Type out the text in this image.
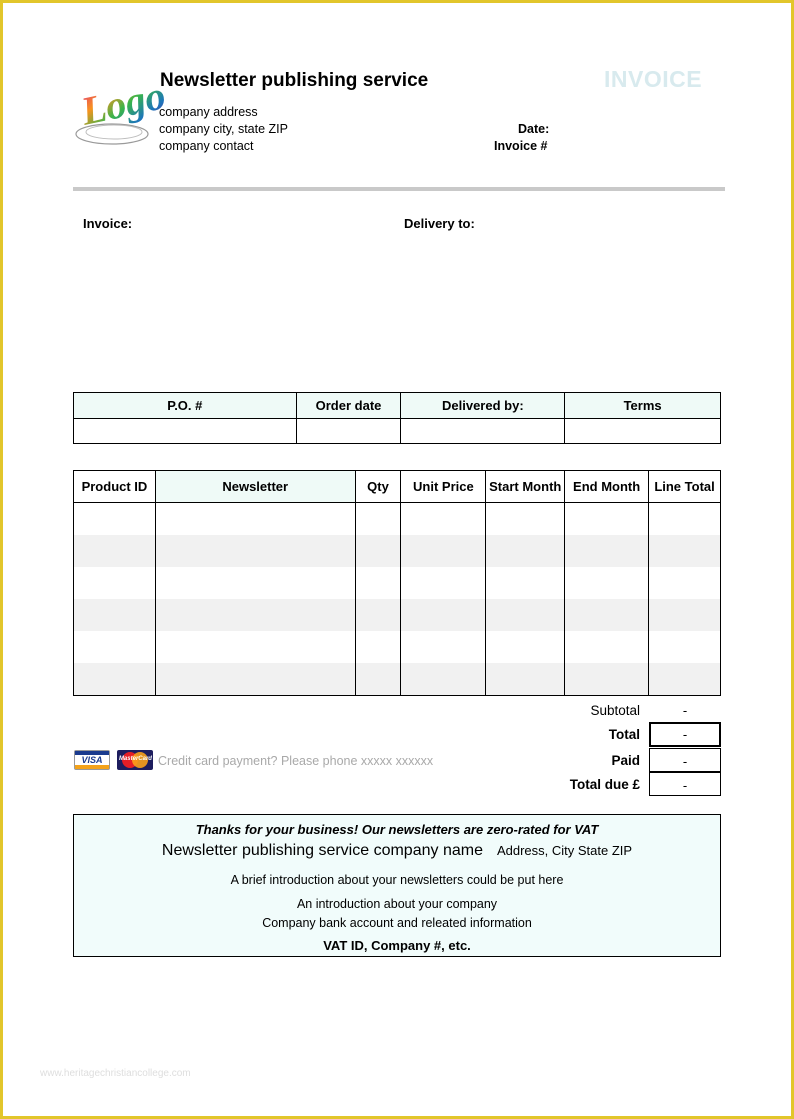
Logo
Newsletter publishing service
company address
company city, state ZIP
company contact
INVOICE
Date:
Invoice #
Invoice:	Delivery to:
P.O. #	Order date	Delivered by:	Terms

Product ID	Newsletter	Qty	Unit Price	Start Month	End Month	Line Total

Subtotal	-
Total	-
Paid	-
Total due £	-
VISA
	MasterCard Credit card payment? Please phone xxxxx xxxxxx
Thanks for your business! Our newsletters are zero-rated for VAT
Newsletter publishing service company name Address, City State ZIP
A brief introduction about your newsletters could be put here
An introduction about your company
Company bank account and releated information
VAT ID, Company #, etc.
www.heritagechristiancollege.com
